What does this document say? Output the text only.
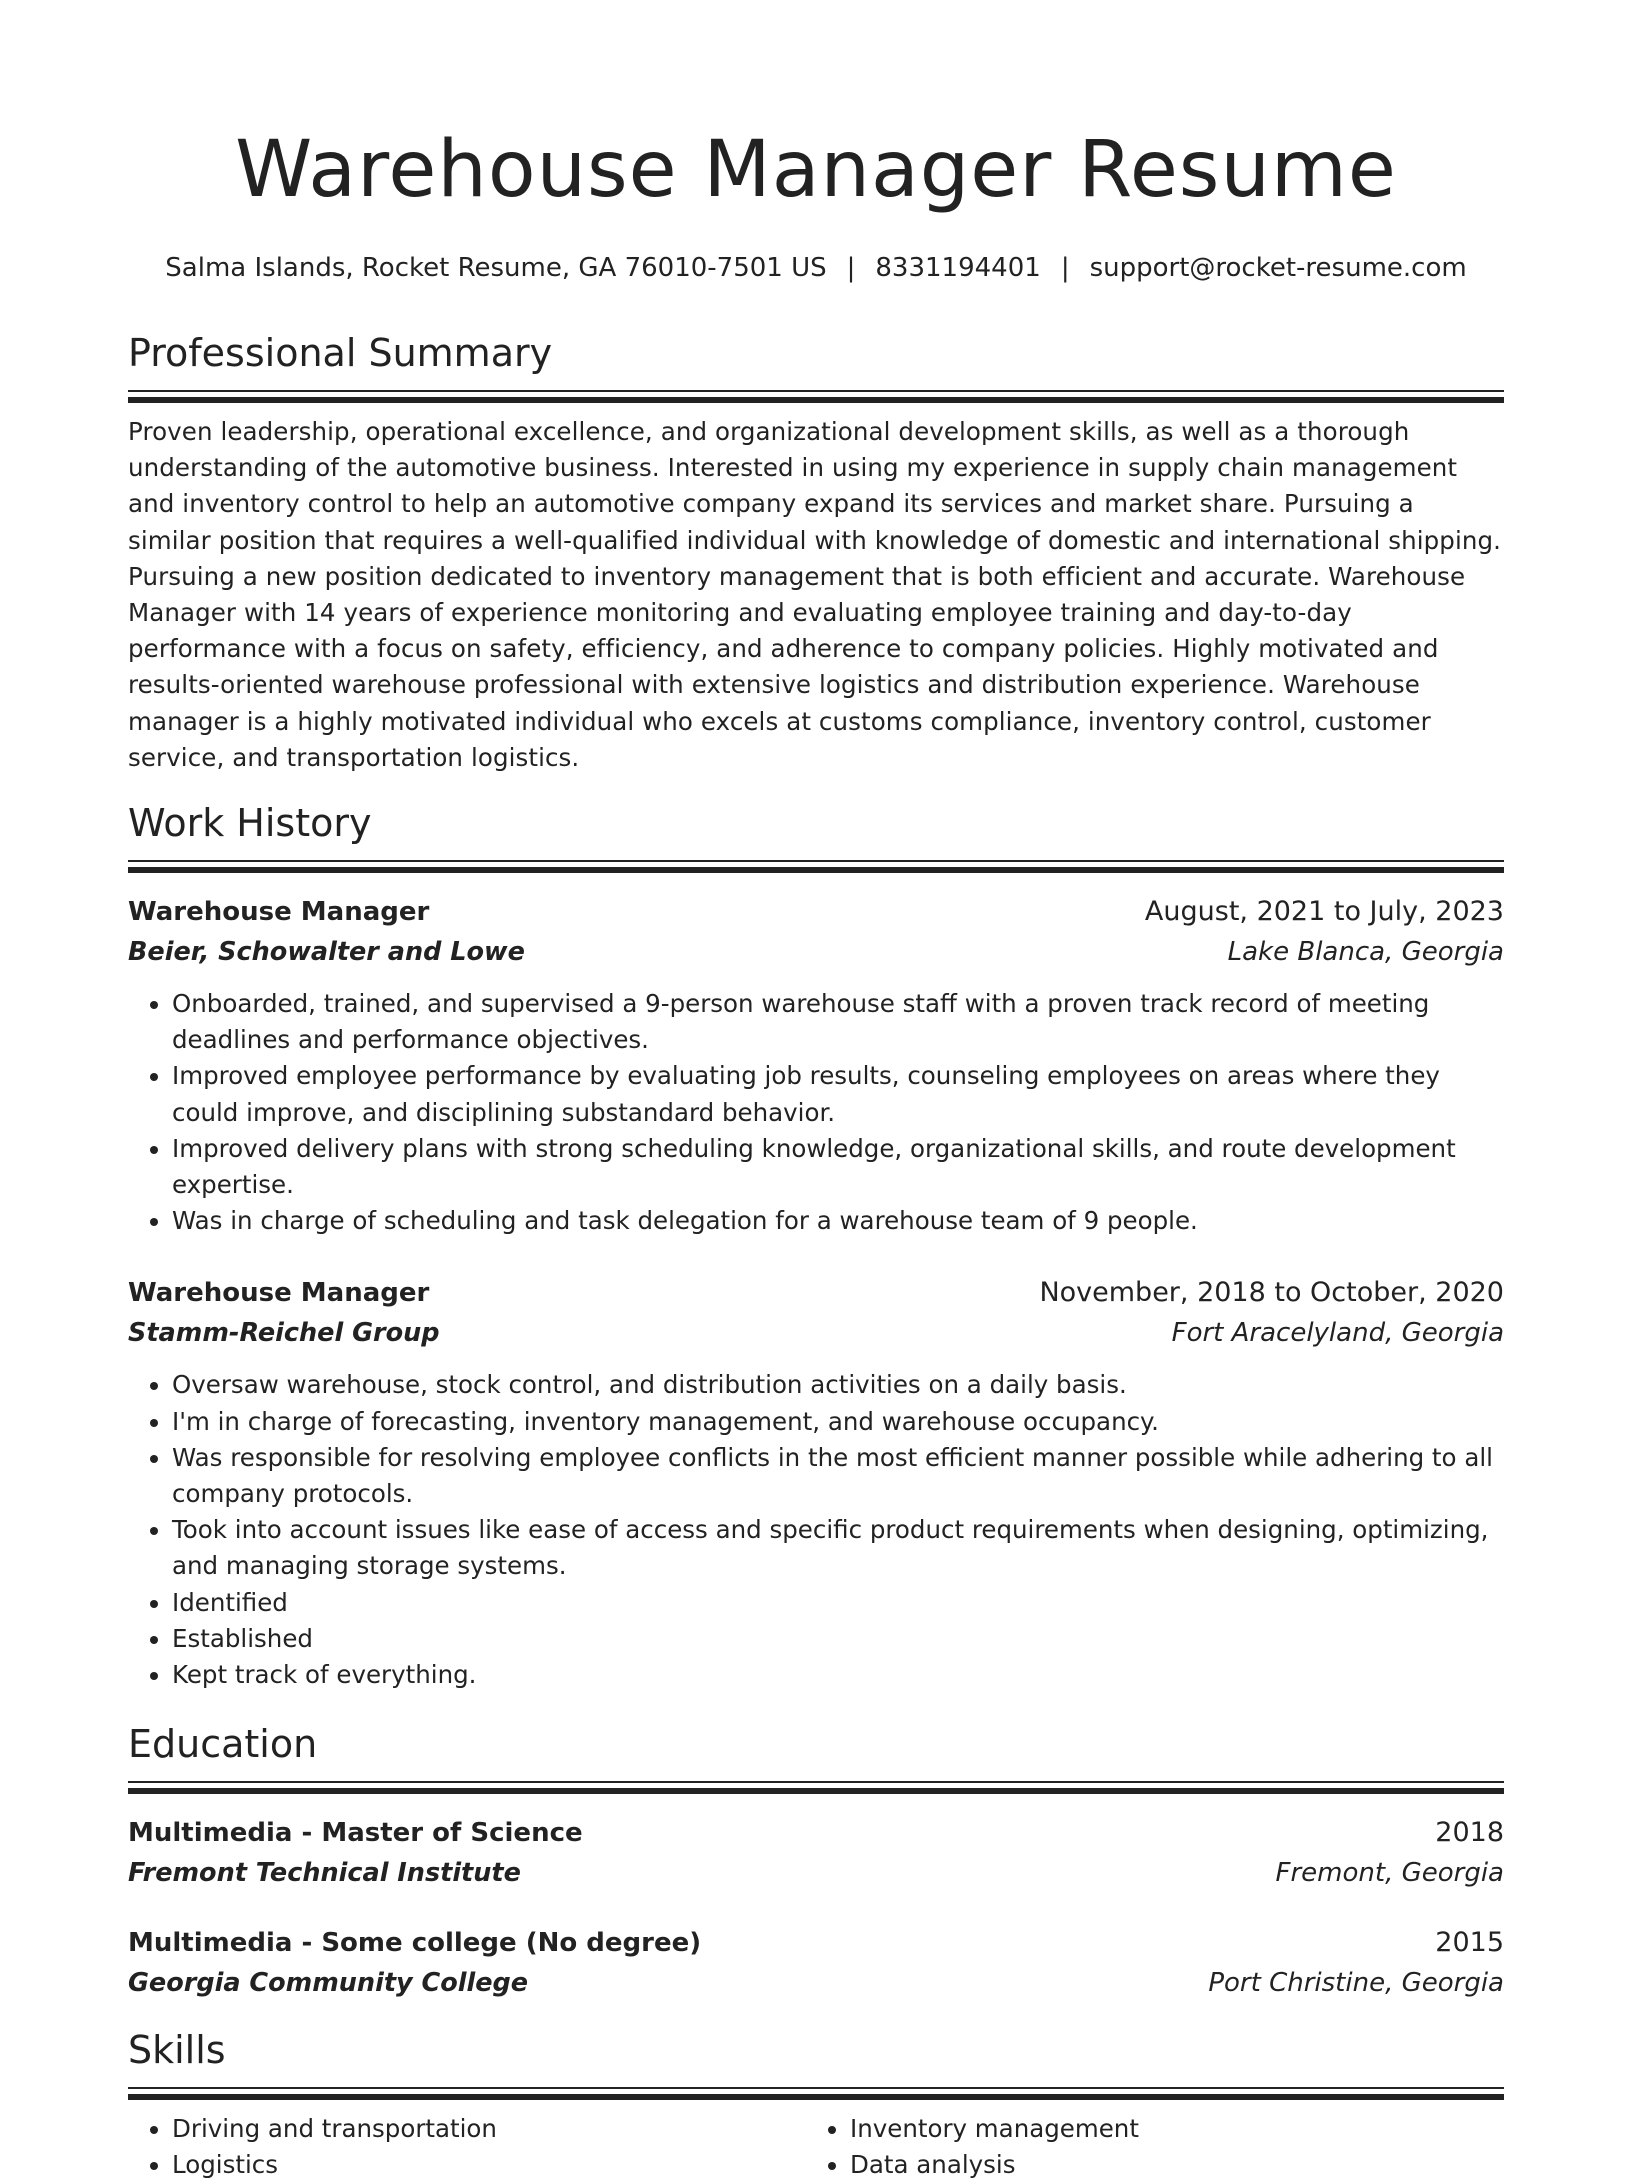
Warehouse Manager Resume
Salma Islands, Rocket Resume, GA 76010-7501 US | 8331194401 | support@rocket-resume.com
Professional Summary

Proven leadership, operational excellence, and organizational development skills, as well as a thorough understanding of the automotive business. Interested in using my experience in supply chain management and inventory control to help an automotive company expand its services and market share. Pursuing a similar position that requires a well-qualified individual with knowledge of domestic and international shipping. Pursuing a new position dedicated to inventory management that is both efficient and accurate. Warehouse Manager with 14 years of experience monitoring and evaluating employee training and day-to-day performance with a focus on safety, efficiency, and adherence to company policies. Highly motivated and results-oriented warehouse professional with extensive logistics and distribution experience. Warehouse manager is a highly motivated individual who excels at customs compliance, inventory control, customer service, and transportation logistics.

Work History
Warehouse Manager	August, 2021 to July, 2023
Beier, Schowalter and Lowe	Lake Blanca, Georgia
• Onboarded, trained, and supervised a 9-person warehouse staff with a proven track record of meeting deadlines and performance objectives.
• Improved employee performance by evaluating job results, counseling employees on areas where they could improve, and disciplining substandard behavior.
• Improved delivery plans with strong scheduling knowledge, organizational skills, and route development expertise.
• Was in charge of scheduling and task delegation for a warehouse team of 9 people.
Warehouse Manager	November, 2018 to October, 2020
Stamm-Reichel Group	Fort Aracelyland, Georgia
• Oversaw warehouse, stock control, and distribution activities on a daily basis.
• I'm in charge of forecasting, inventory management, and warehouse occupancy.
• Was responsible for resolving employee conflicts in the most efficient manner possible while adhering to all company protocols.
• Took into account issues like ease of access and specific product requirements when designing, optimizing, and managing storage systems.
• Identified
• Established
• Kept track of everything.
Education
Multimedia - Master of Science	2018
Fremont Technical Institute	Fremont, Georgia
Multimedia - Some college (No degree)	2015
Georgia Community College	Port Christine, Georgia
Skills
• Driving and transportation
• Logistics
• Inventory management
• Data analysis
